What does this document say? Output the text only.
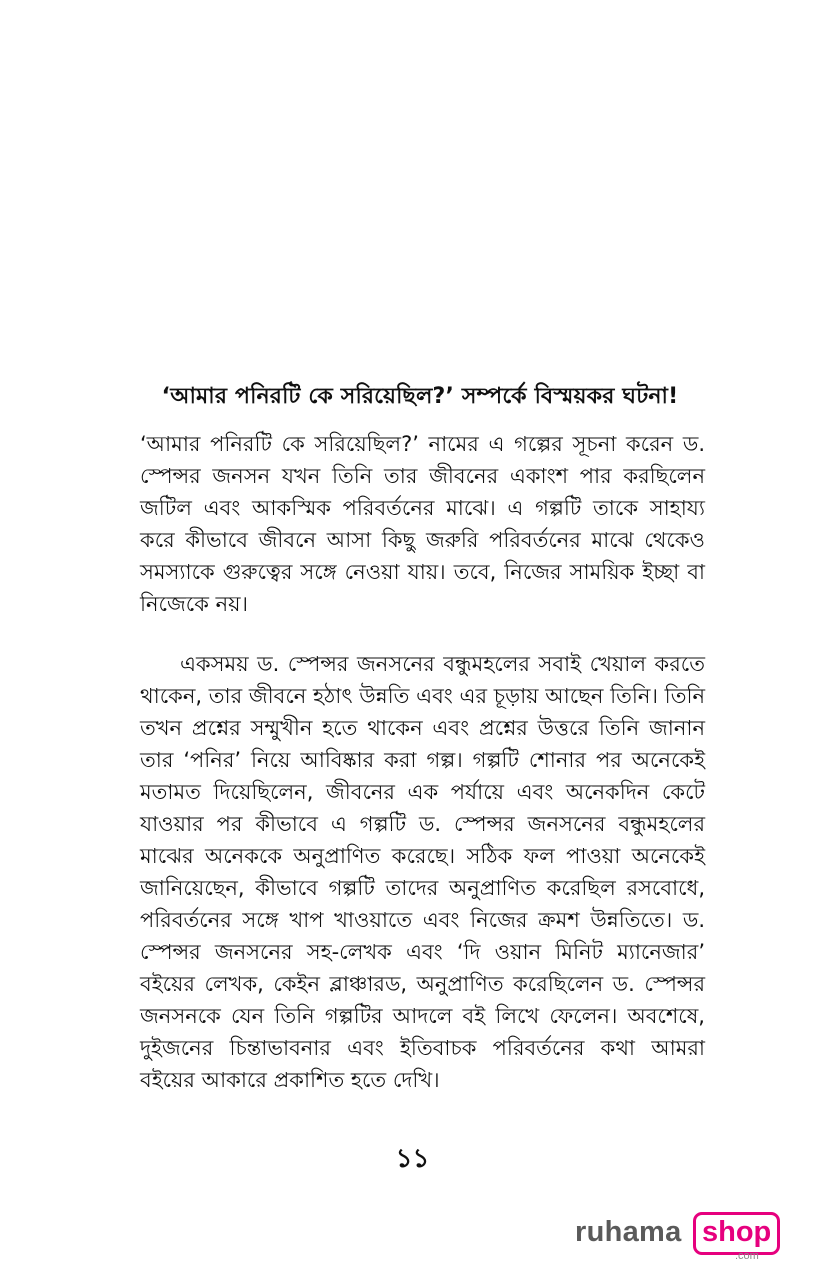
‘আমার পনিরটি কে সরিয়েছিল?’ সম্পর্কে বিস্ময়কর ঘটনা!

‘আমার পনিরটি কে সরিয়েছিল?’ নামের এ গল্পের সূচনা করেন ড. স্পেন্সর জনসন যখন তিনি তার জীবনের একাংশ পার করছিলেন জটিল এবং আকস্মিক পরিবর্তনের মাঝে। এ গল্পটি তাকে সাহায্য করে কীভাবে জীবনে আসা কিছু জরুরি পরিবর্তনের মাঝে থেকেও সমস্যাকে গুরুত্বের সঙ্গে নেওয়া যায়। তবে, নিজের সাময়িক ইচ্ছা বা নিজেকে নয়।

একসময় ড. স্পেন্সর জনসনের বন্ধুমহলের সবাই খেয়াল করতে থাকেন, তার জীবনে হঠাৎ উন্নতি এবং এর চূড়ায় আছেন তিনি। তিনি তখন প্রশ্নের সম্মুখীন হতে থাকেন এবং প্রশ্নের উত্তরে তিনি জানান তার ‘পনির’ নিয়ে আবিষ্কার করা গল্প। গল্পটি শোনার পর অনেকেই মতামত দিয়েছিলেন, জীবনের এক পর্যায়ে এবং অনেকদিন কেটে যাওয়ার পর কীভাবে এ গল্পটি ড. স্পেন্সর জনসনের বন্ধুমহলের মাঝের অনেককে অনুপ্রাণিত করেছে। সঠিক ফল পাওয়া অনেকেই জানিয়েছেন, কীভাবে গল্পটি তাদের অনুপ্রাণিত করেছিল রসবোধে, পরিবর্তনের সঙ্গে খাপ খাওয়াতে এবং নিজের ক্রমশ উন্নতিতে। ড. স্পেন্সর জনসনের সহ-লেখক এবং ‘দি ওয়ান মিনিট ম্যানেজার’ বইয়ের লেখক, কেইন ব্লাঞ্চারড, অনুপ্রাণিত করেছিলেন ড. স্পেন্সর জনসনকে যেন তিনি গল্পটির আদলে বই লিখে ফেলেন। অবশেষে, দুইজনের চিন্তাভাবনার এবং ইতিবাচক পরিবর্তনের কথা আমরা বইয়ের আকারে প্রকাশিত হতে দেখি।

১১
ruhama shop
.com
